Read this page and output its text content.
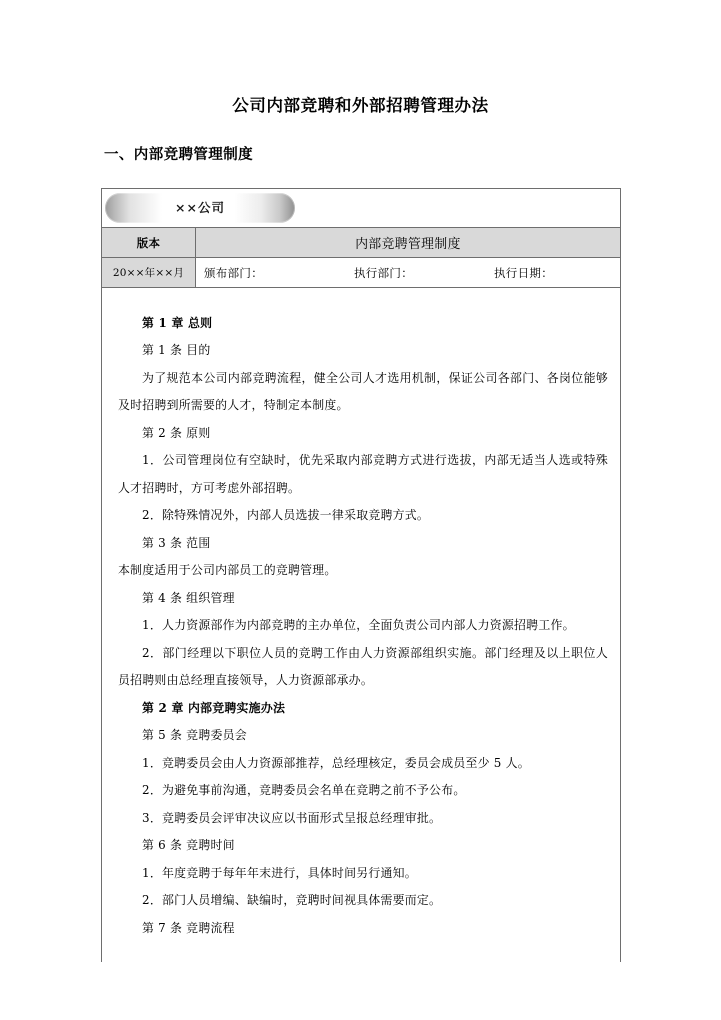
公司内部竞聘和外部招聘管理办法
一、内部竞聘管理制度
××公司	
版本	内部竞聘管理制度
20××年××月	颁布部门： 执行部门： 执行日期：

第 1 章 总则

第 1 条 目的

为了规范本公司内部竞聘流程，健全公司人才选用机制，保证公司各部门、各岗位能够及时招聘到所需要的人才，特制定本制度。

第 2 条 原则

1．公司管理岗位有空缺时，优先采取内部竞聘方式进行选拔，内部无适当人选或特殊人才招聘时，方可考虑外部招聘。

2．除特殊情况外，内部人员选拔一律采取竞聘方式。

第 3 条 范围

本制度适用于公司内部员工的竞聘管理。

第 4 条 组织管理

1．人力资源部作为内部竞聘的主办单位，全面负责公司内部人力资源招聘工作。

2．部门经理以下职位人员的竞聘工作由人力资源部组织实施。部门经理及以上职位人员招聘则由总经理直接领导，人力资源部承办。

第 2 章 内部竞聘实施办法

第 5 条 竞聘委员会

1．竞聘委员会由人力资源部推荐，总经理核定，委员会成员至少 5 人。

2．为避免事前沟通，竞聘委员会名单在竞聘之前不予公布。

3．竞聘委员会评审决议应以书面形式呈报总经理审批。

第 6 条 竞聘时间

1．年度竞聘于每年年末进行，具体时间另行通知。

2．部门人员增编、缺编时，竞聘时间视具体需要而定。

第 7 条 竞聘流程
